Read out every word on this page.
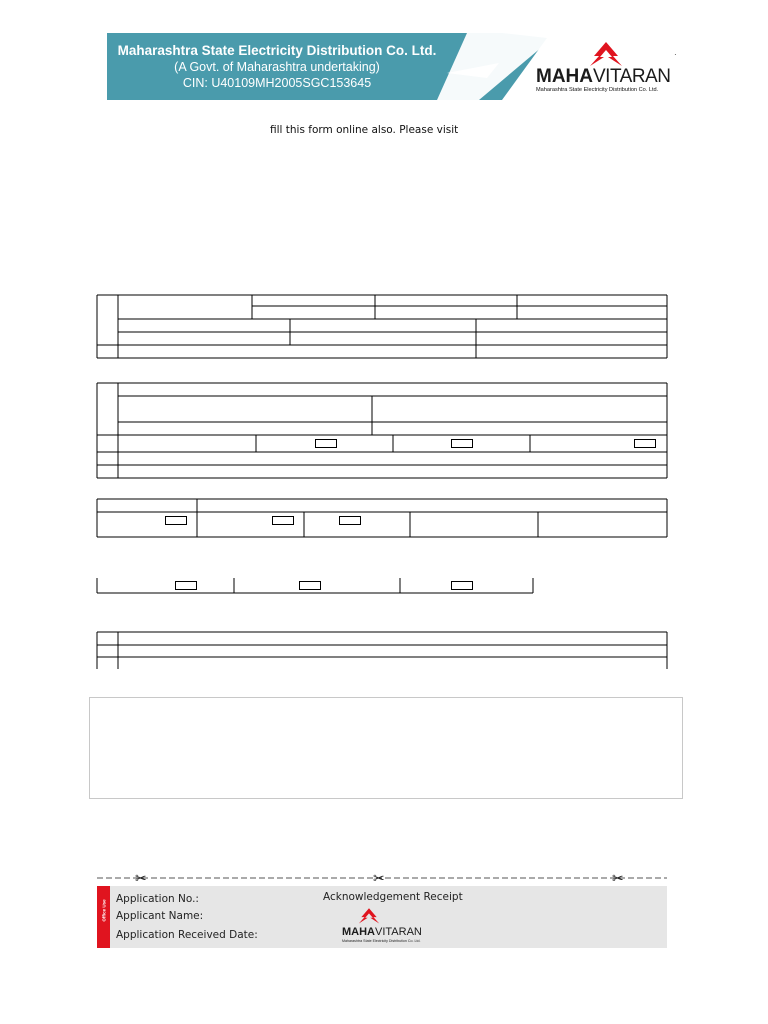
Maharashtra State Electricity Distribution Co. Ltd.
(A Govt. of Maharashtra undertaking)
CIN: U40109MH2005SGC153645	MAHAVITARAN
Maharashtra State Electricity Distribution Co. Ltd.
·
fill this form online also. Please visit
✂	✂	✂
Office Use
Application No.:
Applicant Name:
Application Received Date:
Acknowledgement Receipt
MAHAVITARAN
Maharashtra State Electricity Distribution Co. Ltd.
